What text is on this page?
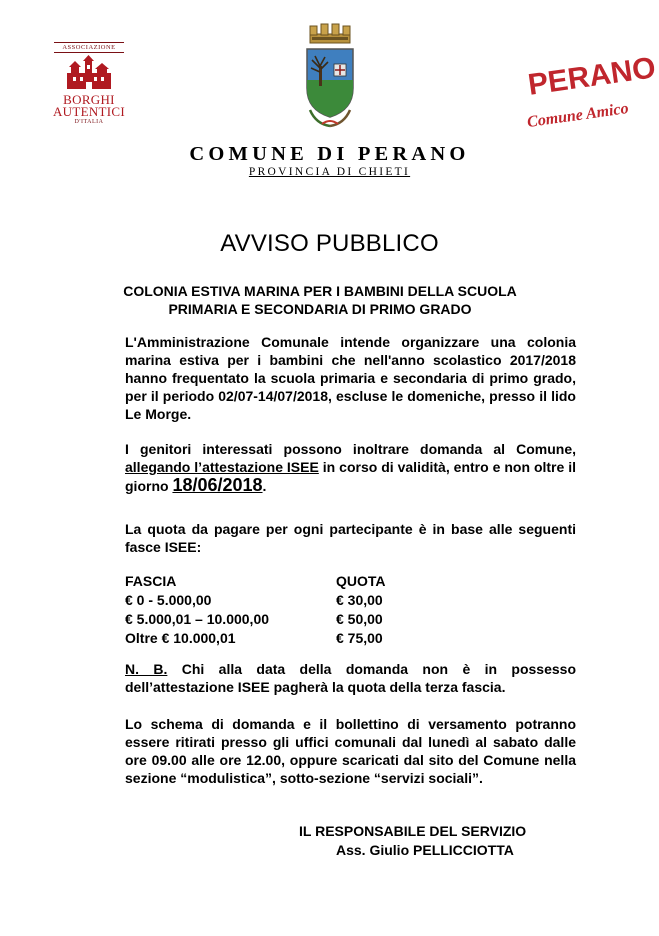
ASSOCIAZIONE
BORGHI
AUTENTICI
D'ITALIA
PERANO
Comune Amico
COMUNE DI PERANO
PROVINCIA DI CHIETI
AVVISO PUBBLICO
COLONIA ESTIVA MARINA PER I BAMBINI DELLA SCUOLA
PRIMARIA E SECONDARIA DI PRIMO GRADO
L'Amministrazione Comunale intende organizzare una colonia marina estiva per i bambini che nell'anno scolastico 2017/2018 hanno frequentato la scuola primaria e secondaria di primo grado, per il periodo 02/07-14/07/2018, escluse le domeniche, presso il lido Le Morge.
I genitori interessati possono inoltrare domanda al Comune, allegando l’attestazione ISEE in corso di validità, entro e non oltre il giorno 18/06/2018.
La quota da pagare per ogni partecipante è in base alle seguenti fasce ISEE:
FASCIA	QUOTA
€ 0 - 5.000,00	€ 30,00
€ 5.000,01 – 10.000,00	€ 50,00
Oltre € 10.000,01	€ 75,00
N. B. Chi alla data della domanda non è in possesso dell’attestazione ISEE pagherà la quota della terza fascia.
Lo schema di domanda e il bollettino di versamento potranno essere ritirati presso gli uffici comunali dal lunedì al sabato dalle ore 09.00 alle ore 12.00, oppure scaricati dal sito del Comune nella sezione “modulistica”, sotto-sezione “servizi sociali”.
IL RESPONSABILE DEL SERVIZIO
Ass. Giulio PELLICCIOTTA
